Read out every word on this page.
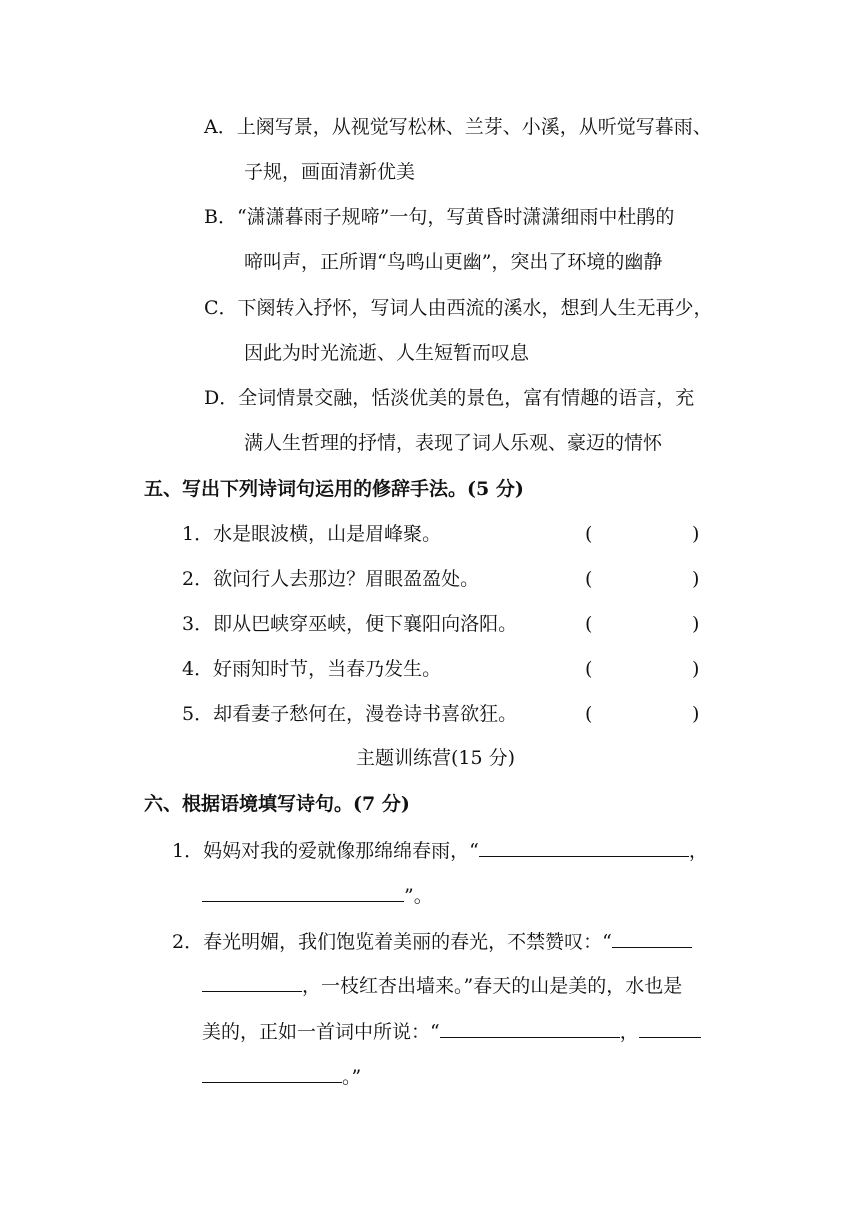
A．上阕写景，从视觉写松林、兰芽、小溪，从听觉写暮雨、
子规，画面清新优美
B．“潇潇暮雨子规啼”一句，写黄昏时潇潇细雨中杜鹃的
啼叫声，正所谓“鸟鸣山更幽”，突出了环境的幽静
C．下阕转入抒怀，写词人由西流的溪水，想到人生无再少，
因此为时光流逝、人生短暂而叹息
D．全词情景交融，恬淡优美的景色，富有情趣的语言，充
满人生哲理的抒情，表现了词人乐观、豪迈的情怀
五、写出下列诗词句运用的修辞手法。(5 分)
1．水是眼波横，山是眉峰聚。	(	)
2．欲问行人去那边？眉眼盈盈处。	(	)
3．即从巴峡穿巫峡，便下襄阳向洛阳。	(	)
4．好雨知时节，当春乃发生。	(	)
5．却看妻子愁何在，漫卷诗书喜欲狂。	(	)
主题训练营(15 分)
六、根据语境填写诗句。(7 分)
1．妈妈对我的爱就像那绵绵春雨，“	，
”。
2．春光明媚，我们饱览着美丽的春光，不禁赞叹：“
，一枝红杏出墙来。”春天的山是美的，水也是
美的，正如一首词中所说：“	，
。”
